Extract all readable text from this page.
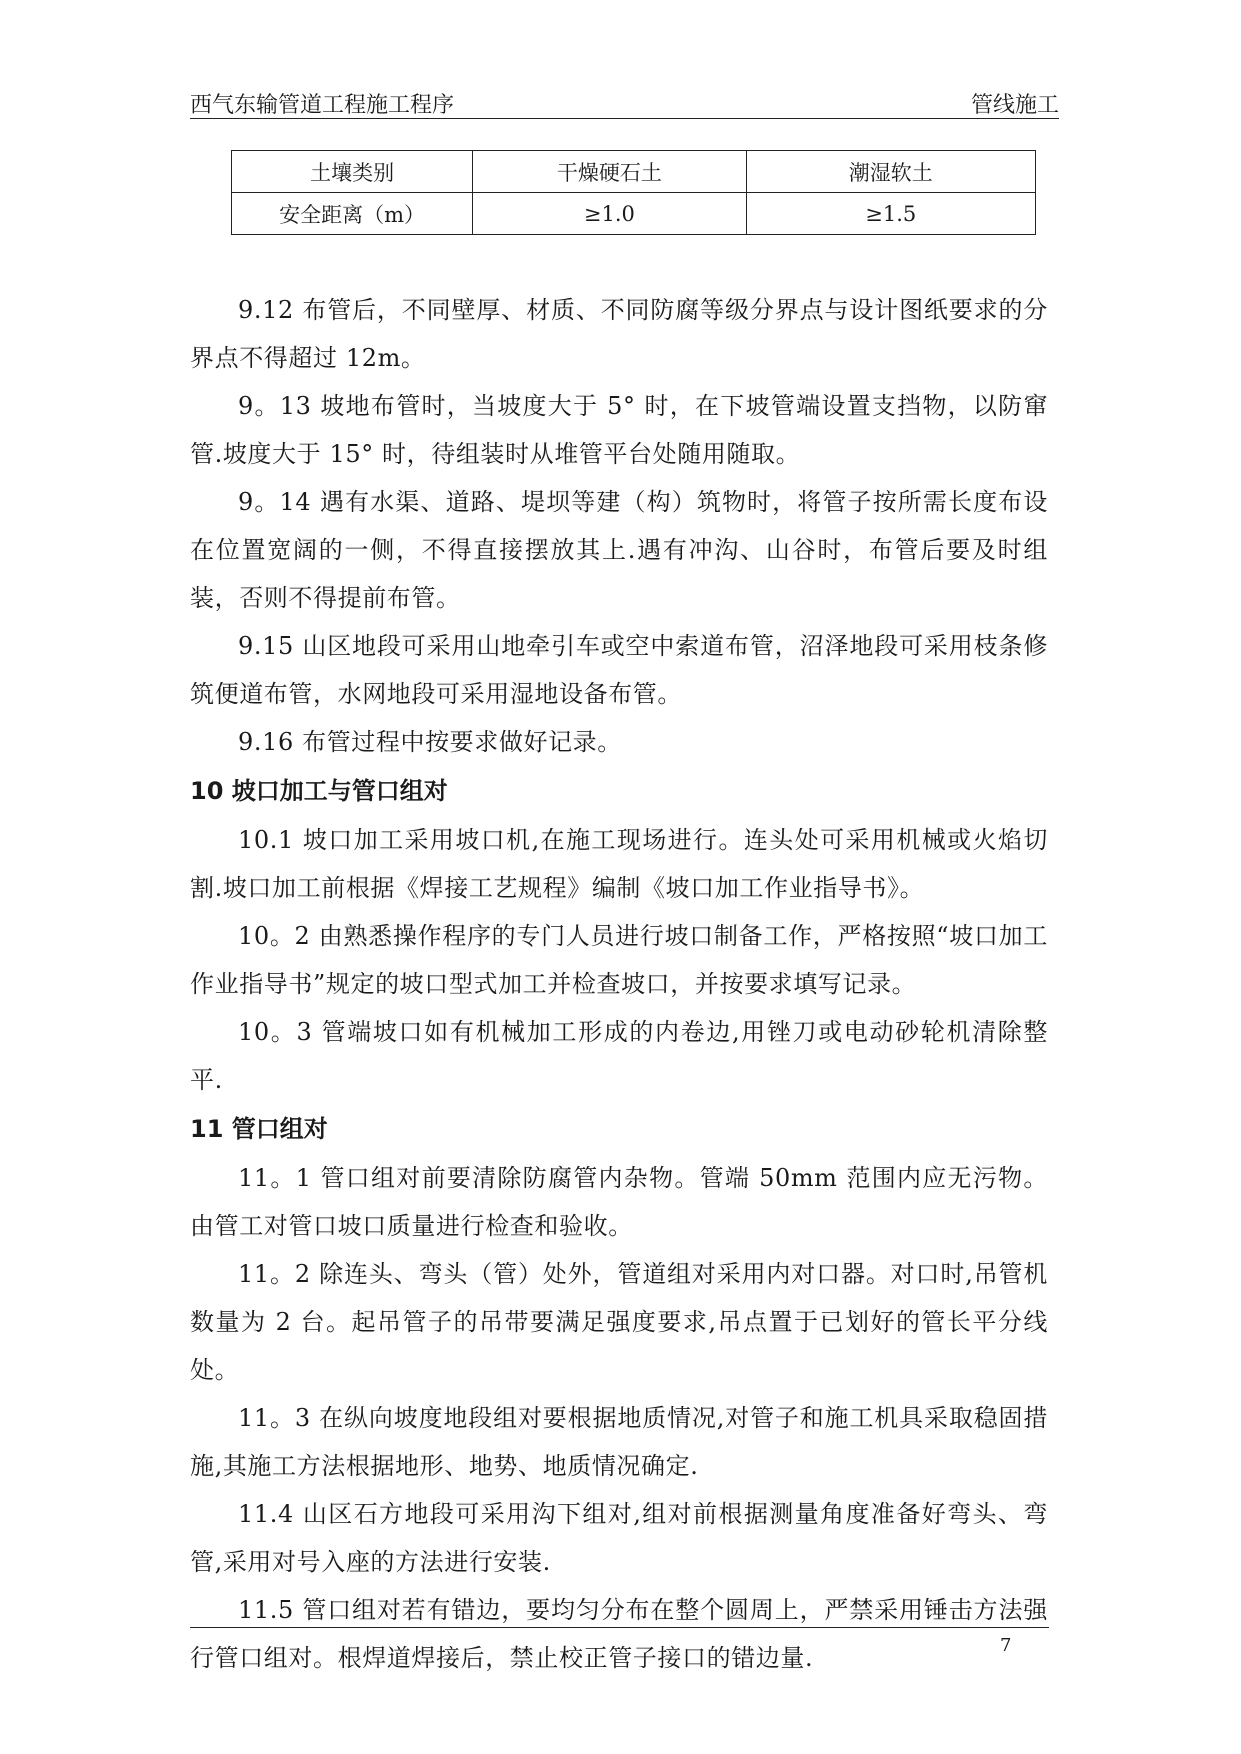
西气东输管道工程施工程序	管线施工
土壤类别	干燥硬石土	潮湿软土
安全距离（m）	≥1.0	≥1.5

9.12 布管后，不同壁厚、材质、不同防腐等级分界点与设计图纸要求的分界点不得超过 12m。

9。13 坡地布管时，当坡度大于 5° 时，在下坡管端设置支挡物，以防窜管.坡度大于 15° 时，待组装时从堆管平台处随用随取。

9。14 遇有水渠、道路、堤坝等建（构）筑物时，将管子按所需长度布设在位置宽阔的一侧，不得直接摆放其上.遇有冲沟、山谷时，布管后要及时组装，否则不得提前布管。

9.15 山区地段可采用山地牵引车或空中索道布管，沼泽地段可采用枝条修筑便道布管，水网地段可采用湿地设备布管。

9.16 布管过程中按要求做好记录。

10 坡口加工与管口组对

10.1 坡口加工采用坡口机,在施工现场进行。连头处可采用机械或火焰切割.坡口加工前根据《焊接工艺规程》编制《坡口加工作业指导书》。

10。2 由熟悉操作程序的专门人员进行坡口制备工作，严格按照“坡口加工作业指导书”规定的坡口型式加工并检查坡口，并按要求填写记录。

10。3 管端坡口如有机械加工形成的内卷边,用锉刀或电动砂轮机清除整平.

11 管口组对

11。1 管口组对前要清除防腐管内杂物。管端 50mm 范围内应无污物。由管工对管口坡口质量进行检查和验收。

11。2 除连头、弯头（管）处外，管道组对采用内对口器。对口时,吊管机数量为 2 台。起吊管子的吊带要满足强度要求,吊点置于已划好的管长平分线处。

11。3 在纵向坡度地段组对要根据地质情况,对管子和施工机具采取稳固措施,其施工方法根据地形、地势、地质情况确定.

11.4 山区石方地段可采用沟下组对,组对前根据测量角度准备好弯头、弯管,采用对号入座的方法进行安装.

11.5 管口组对若有错边，要均匀分布在整个圆周上，严禁采用锤击方法强行管口组对。根焊道焊接后，禁止校正管子接口的错边量.	7
